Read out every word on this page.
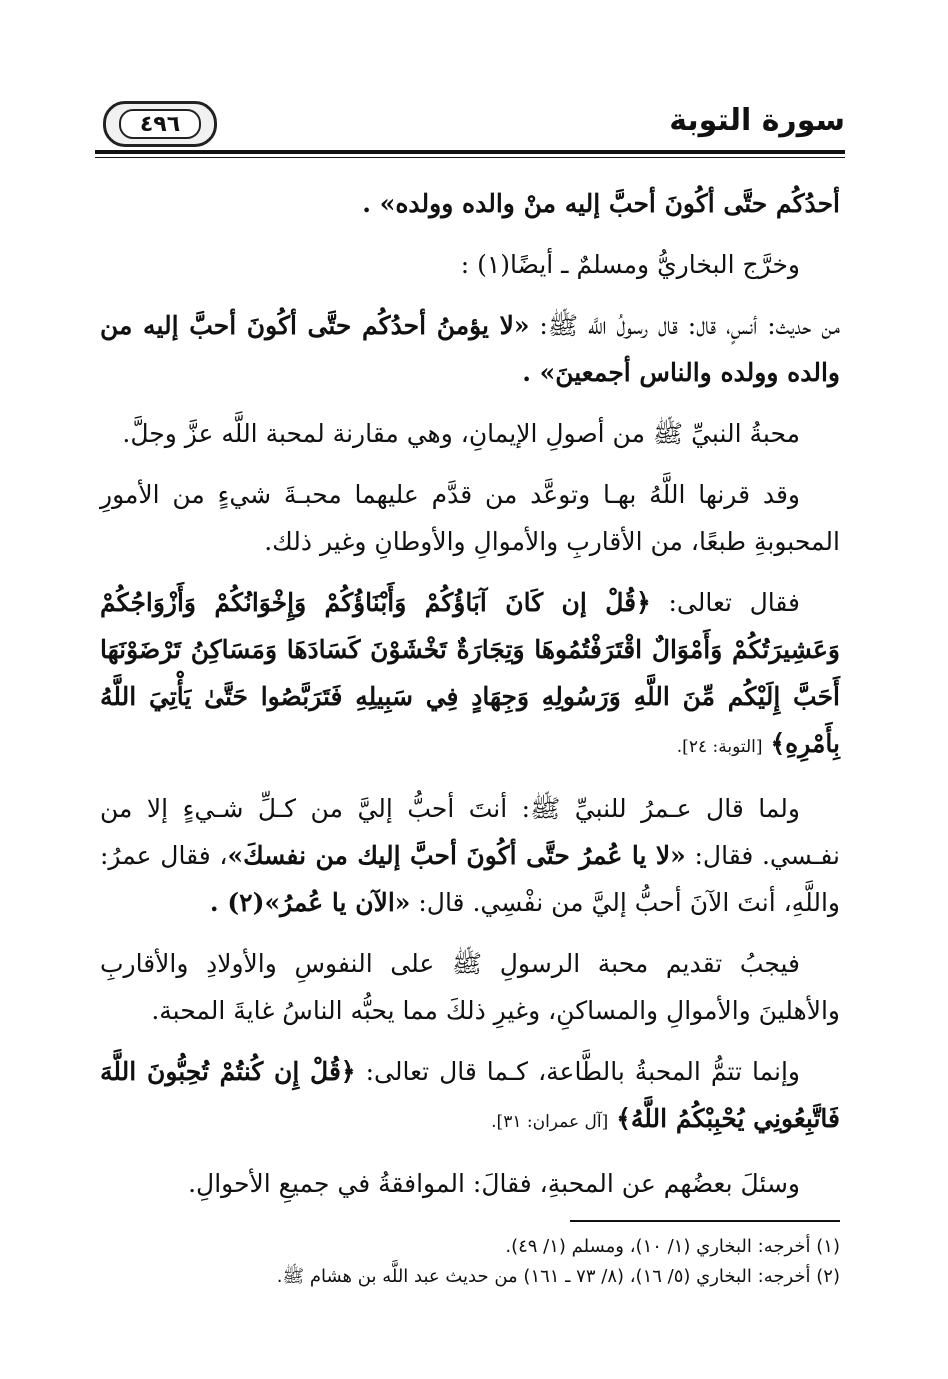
سورة التوبة
٤٩٦

أحدُكُم حتَّى أكُونَ أحبَّ إليه منْ والده وولده» .

وخرَّج البخاريُّ ومسلمٌ ـ أيضًا(١) :

من حديث: أنسٍ، قال: قال رسولُ اللَّه ﷺ: «لا يؤمنُ أحدُكُم حتَّى أكُونَ أحبَّ إليه من والده وولده والناس أجمعينَ» .

محبةُ النبيِّ ﷺ من أصولِ الإيمانِ، وهي مقارنة لمحبة اللَّه عزَّ وجلَّ.

وقد قرنها اللَّهُ بهـا وتوعَّد من قدَّم عليهما محبـةَ شيءٍ من الأمورِ المحبوبةِ طبعًا، من الأقاربِ والأموالِ والأوطانِ وغير ذلك.

فقال تعالى: ﴿قُلْ إن كَانَ آبَاؤُكُمْ وَأَبْنَاؤُكُمْ وَإِخْوَانُكُمْ وَأَزْوَاجُكُمْ وَعَشِيرَتُكُمْ وَأَمْوَالٌ اقْتَرَفْتُمُوهَا وَتِجَارَةٌ تَخْشَوْنَ كَسَادَهَا وَمَسَاكِنُ تَرْضَوْنَهَا أَحَبَّ إِلَيْكُم مِّنَ اللَّهِ وَرَسُولِهِ وَجِهَادٍ فِي سَبِيلِهِ فَتَرَبَّصُوا حَتَّىٰ يَأْتِيَ اللَّهُ بِأَمْرِهِ﴾ [التوبة: ٢٤].

ولما قال عـمرُ للنبيِّ ﷺ: أنتَ أحبُّ إليَّ من كـلِّ شـيءٍ إلا من نفـسي. فقال: «لا يا عُمرُ حتَّى أكُونَ أحبَّ إليك من نفسكَ»، فقال عمرُ: واللَّهِ، أنتَ الآنَ أحبُّ إليَّ من نفْسِي. قال: «الآن يا عُمرُ»(٢) .

فيجبُ تقديم محبة الرسولِ ﷺ على النفوسِ والأولادِ والأقاربِ والأهلينَ والأموالِ والمساكنِ، وغيرِ ذلكَ مما يحبُّه الناسُ غايةَ المحبة.

وإنما تتمُّ المحبةُ بالطَّاعة، كـما قال تعالى: ﴿قُلْ إِن كُنتُمْ تُحِبُّونَ اللَّهَ فَاتَّبِعُونِي يُحْبِبْكُمُ اللَّهُ﴾ [آل عمران: ٣١].

وسئلَ بعضُهم عن المحبةِ، فقالَ: الموافقةُ في جميعِ الأحوالِ.

(١) أخرجه: البخاري (١/ ١٠)، ومسلم (١/ ٤٩).
(٢) أخرجه: البخاري (٥/ ١٦)، (٨/ ٧٣ ـ ١٦١) من حديث عبد اللَّه بن هشام ﷺ.
